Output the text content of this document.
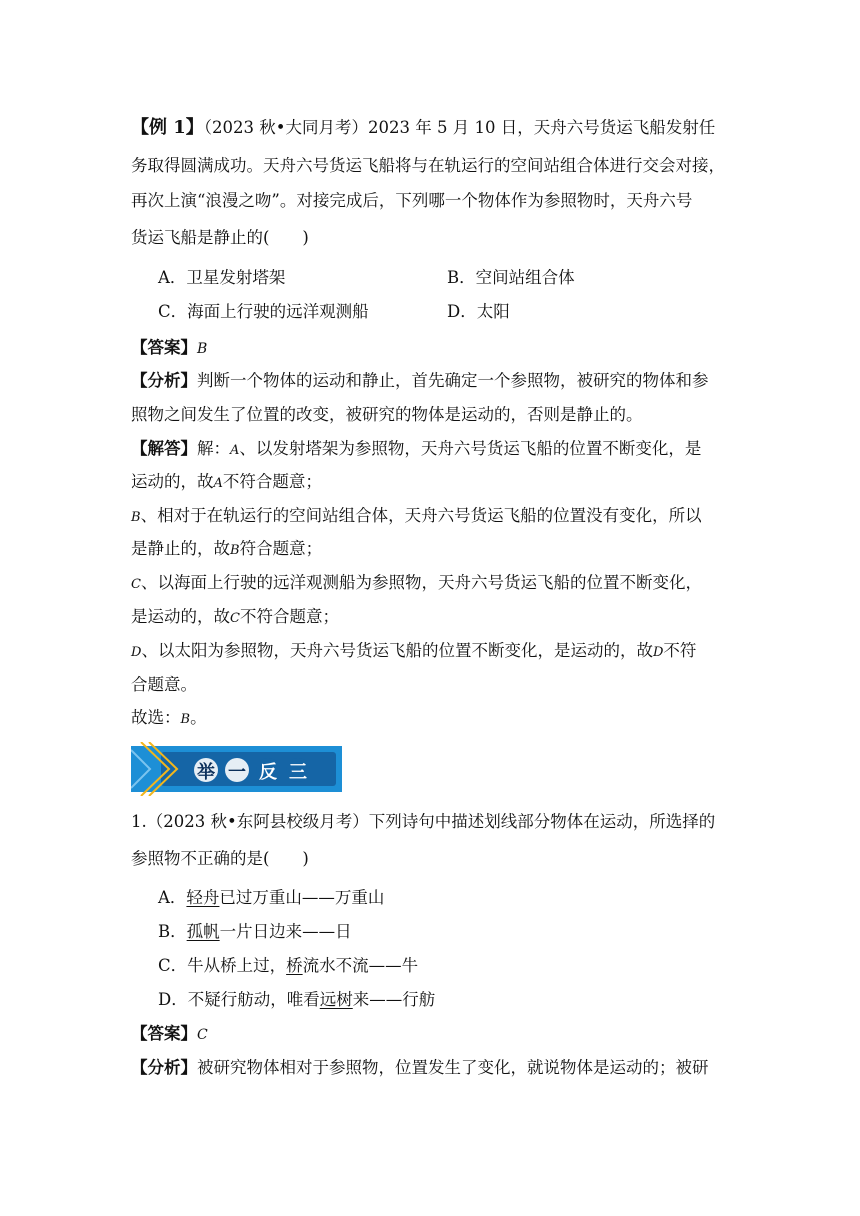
【例 1】（2023 秋•大同月考）2023 年 5 月 10 日，天舟六号货运飞船发射任
务取得圆满成功。天舟六号货运飞船将与在轨运行的空间站组合体进行交会对接，
再次上演“浪漫之吻”。对接完成后，下列哪一个物体作为参照物时，天舟六号
货运飞船是静止的(　　)
A．卫星发射塔架	B．空间站组合体
C．海面上行驶的远洋观测船	D．太阳
【答案】B
【分析】判断一个物体的运动和静止，首先确定一个参照物，被研究的物体和参
照物之间发生了位置的改变，被研究的物体是运动的，否则是静止的。
【解答】解：A、以发射塔架为参照物，天舟六号货运飞船的位置不断变化，是
运动的，故A不符合题意；
B、相对于在轨运行的空间站组合体，天舟六号货运飞船的位置没有变化，所以
是静止的，故B符合题意；
C、以海面上行驶的远洋观测船为参照物，天舟六号货运飞船的位置不断变化，
是运动的，故C不符合题意；
D、以太阳为参照物，天舟六号货运飞船的位置不断变化，是运动的，故D不符
合题意。
故选：B。
举 一 反 三
1.（2023 秋•东阿县校级月考）下列诗句中描述划线部分物体在运动，所选择的
参照物不正确的是(　　)
A．轻舟已过万重山——万重山
B．孤帆一片日边来——日
C．牛从桥上过，桥流水不流——牛
D．不疑行舫动，唯看远树来——行舫
【答案】C
【分析】被研究物体相对于参照物，位置发生了变化，就说物体是运动的；被研
